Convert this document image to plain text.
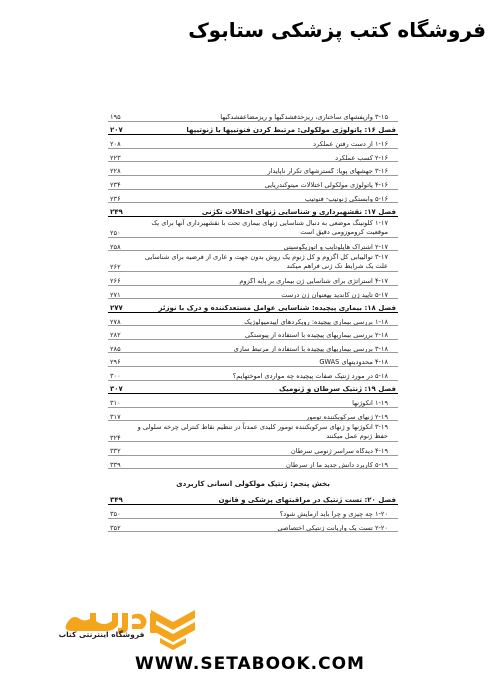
فروشگاه کتب پزشکی ستابوک
۳-۱۵ واریفشهای ساختاری، ریزحذفشدگیها و ریزمضاعفشدگیها
۱۹۵
فصل ۱۶: پاتولوژی مولکولی: مرتبط کردن فنوتیپها با ژنوتیپها
۲۰۷
۱-۱۶ از دست رفتن عملکرد
۲۰۸
۲-۱۶ کسب عملکرد
۲۲۳
۳-۱۶ جهشهای پویا: گسترشهای تکرار ناپایدار
۲۲۸
۴-۱۶ پاتولوژی مولکولی اختلالات میتوکندریایی
۲۳۴
۵-۱۶ وابستگی ژنوتیپ- فنوتیپ
۲۳۶
فصل ۱۷: نقشهبرداری و شناسایی ژنهای اختلالات تکژنی
۲۴۹
۱-۱۷ کلونینگ موضعی به دنبال شناسایی ژنهای بیماری تحت با نقشهبرداری آنها برای یک موقعیت کروموزومی دقیق است
۲۵۰
۲-۱۷ اشتراک هاپلوتایپ و اتوزیگوسیتی
۲۵۸
۳-۱۷ توالییابی کل اگزوم و کل ژنوم یک روش بدون جهت و عاری از فرضیه برای شناسایی علت یک شرایط تک ژنی فراهم میکند
۲۶۲
۴-۱۷ استراتژی برای شناسایی ژن بیماری بر پایه اگزوم
۲۶۶
۵-۱۷ تأیید ژن کاندید بهعنوان ژن درست
۲۷۱
فصل ۱۸: بیماری پیچیده: شناسایی عوامل مستعدکننده و درک با نوزئز
۲۷۷
۱-۱۸ بررسی بیماری پیچیده: رویکردهای اپیدمیولوژیک
۲۷۸
۲-۱۸ بررسی بیماریهای پیچیده با استفاده از پیوستگی
۲۸۲
۳-۱۸ بررسی بیماریهای پیچیده با استفاده از مرتبط سازی
۲۸۵
۴-۱۸ محدودیتهای GWAS
۲۹۶
۵-۱۸ در مورد ژنتیک صفات پیچیده چه مواردی آموختهایم؟
۳۰۰
فصل ۱۹: ژنتیک سرطان و ژنومیک
۳۰۷
۱-۱۹ انکوژنها
۳۱۰
۲-۱۹ ژنهای سرکوبکننده تومور
۳۱۷
۳-۱۹ انکوژنها و ژنهای سرکوبکننده تومور کلیدی عمدتاً در تنظیم نقاط کنترلی چرخه سلولی و حفظ ژنوم عمل میکنند
۳۲۴
۴-۱۹ دیدگاه سراسر ژنومی سرطان
۳۳۲
۵-۱۹ کاربرد دانش جدید ما از سرطان
۳۳۹
بخش پنجم: ژنتیک مولکولی انسانی کاربردی
فصل ۲۰: تست ژنتیک در مراقبتهای پزشکی و قانون
۳۴۹
۱-۲۰ چه چیزی و چرا باید آزمایش شود؟
۳۵۰
۲-۲۰ تست یک واریانت ژنتیکی اختصاصی
۳۵۲
فروشگاه اینترنتی کتاب
WWW.SETABOOK.COM
